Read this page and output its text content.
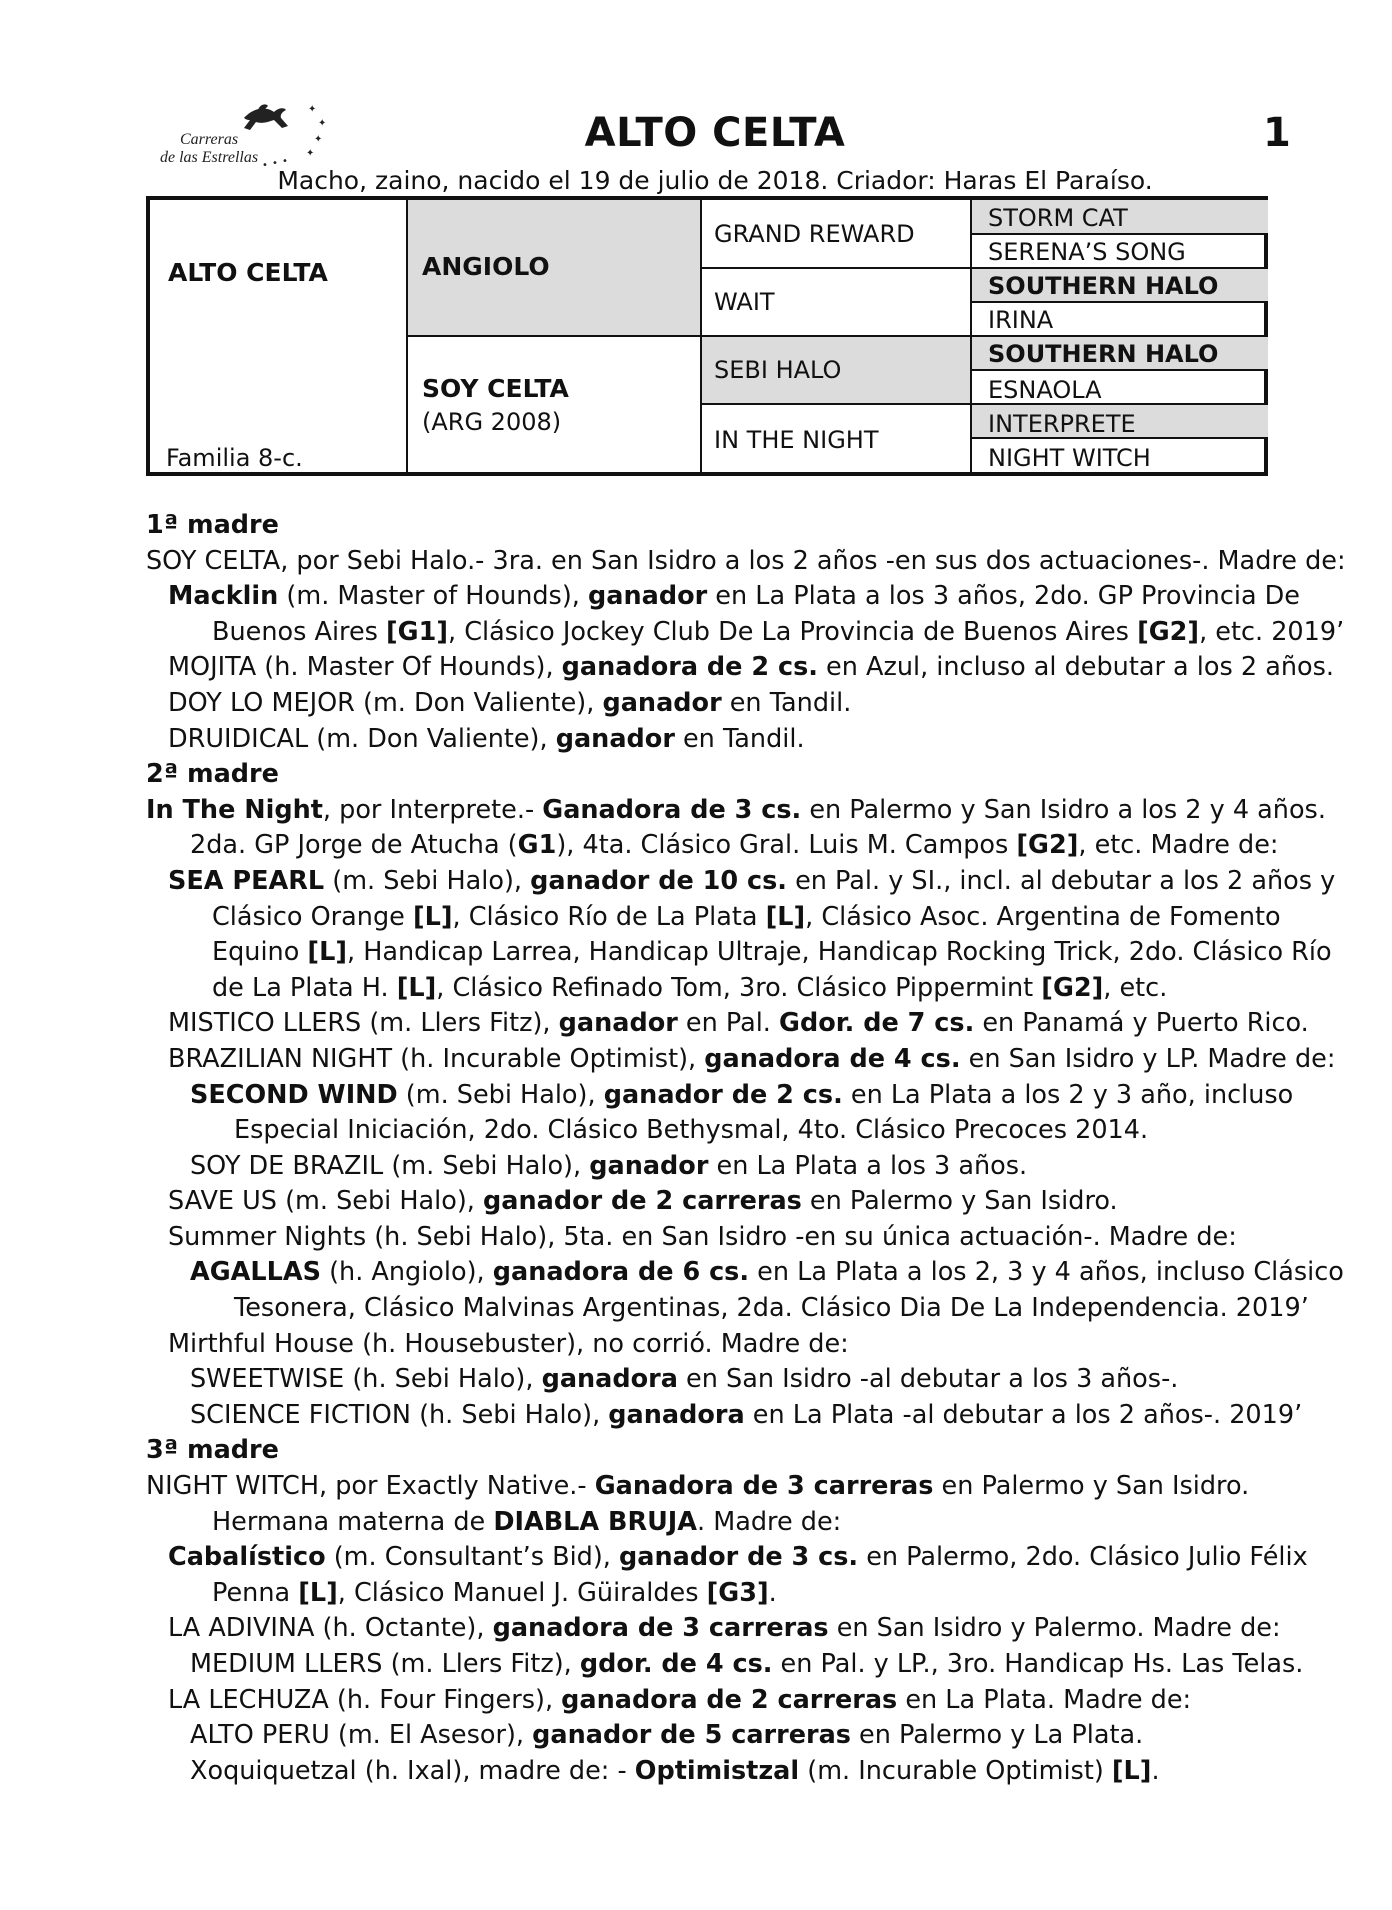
Carreras
de las Estrellas
✦
✦
✦
✦
•
•
•
ALTO CELTA	1
Macho, zaino, nacido el 19 de julio de 2018. Criador: Haras El Paraíso.
ALTO CELTA
Familia 8-c.
ANGIOLO
SOY CELTA
(ARG 2008)
GRAND REWARD
WAIT
SEBI HALO
IN THE NIGHT
STORM CAT
SERENA’S SONG
SOUTHERN HALO
IRINA
SOUTHERN HALO
ESNAOLA
INTERPRETE
NIGHT WITCH
1ª madre
SOY CELTA, por Sebi Halo.- 3ra. en San Isidro a los 2 años -en sus dos actuaciones-. Madre de:
Macklin (m. Master of Hounds), ganador en La Plata a los 3 años, 2do. GP Provincia De
Buenos Aires [G1], Clásico Jockey Club De La Provincia de Buenos Aires [G2], etc. 2019’
MOJITA (h. Master Of Hounds), ganadora de 2 cs. en Azul, incluso al debutar a los 2 años.
DOY LO MEJOR (m. Don Valiente), ganador en Tandil.
DRUIDICAL (m. Don Valiente), ganador en Tandil.
2ª madre
In The Night, por Interprete.- Ganadora de 3 cs. en Palermo y San Isidro a los 2 y 4 años.
2da. GP Jorge de Atucha (G1), 4ta. Clásico Gral. Luis M. Campos [G2], etc. Madre de:
SEA PEARL (m. Sebi Halo), ganador de 10 cs. en Pal. y SI., incl. al debutar a los 2 años y
Clásico Orange [L], Clásico Río de La Plata [L], Clásico Asoc. Argentina de Fomento
Equino [L], Handicap Larrea, Handicap Ultraje, Handicap Rocking Trick, 2do. Clásico Río
de La Plata H. [L], Clásico Refinado Tom, 3ro. Clásico Pippermint [G2], etc.
MISTICO LLERS (m. Llers Fitz), ganador en Pal. Gdor. de 7 cs. en Panamá y Puerto Rico.
BRAZILIAN NIGHT (h. Incurable Optimist), ganadora de 4 cs. en San Isidro y LP. Madre de:
SECOND WIND (m. Sebi Halo), ganador de 2 cs. en La Plata a los 2 y 3 año, incluso
Especial Iniciación, 2do. Clásico Bethysmal, 4to. Clásico Precoces 2014.
SOY DE BRAZIL (m. Sebi Halo), ganador en La Plata a los 3 años.
SAVE US (m. Sebi Halo), ganador de 2 carreras en Palermo y San Isidro.
Summer Nights (h. Sebi Halo), 5ta. en San Isidro -en su única actuación-. Madre de:
AGALLAS (h. Angiolo), ganadora de 6 cs. en La Plata a los 2, 3 y 4 años, incluso Clásico
Tesonera, Clásico Malvinas Argentinas, 2da. Clásico Dia De La Independencia. 2019’
Mirthful House (h. Housebuster), no corrió. Madre de:
SWEETWISE (h. Sebi Halo), ganadora en San Isidro -al debutar a los 3 años-.
SCIENCE FICTION (h. Sebi Halo), ganadora en La Plata -al debutar a los 2 años-. 2019’
3ª madre
NIGHT WITCH, por Exactly Native.- Ganadora de 3 carreras en Palermo y San Isidro.
Hermana materna de DIABLA BRUJA. Madre de:
Cabalístico (m. Consultant’s Bid), ganador de 3 cs. en Palermo, 2do. Clásico Julio Félix
Penna [L], Clásico Manuel J. Güiraldes [G3].
LA ADIVINA (h. Octante), ganadora de 3 carreras en San Isidro y Palermo. Madre de:
MEDIUM LLERS (m. Llers Fitz), gdor. de 4 cs. en Pal. y LP., 3ro. Handicap Hs. Las Telas.
LA LECHUZA (h. Four Fingers), ganadora de 2 carreras en La Plata. Madre de:
ALTO PERU (m. El Asesor), ganador de 5 carreras en Palermo y La Plata.
Xoquiquetzal (h. Ixal), madre de: - Optimistzal (m. Incurable Optimist) [L].
